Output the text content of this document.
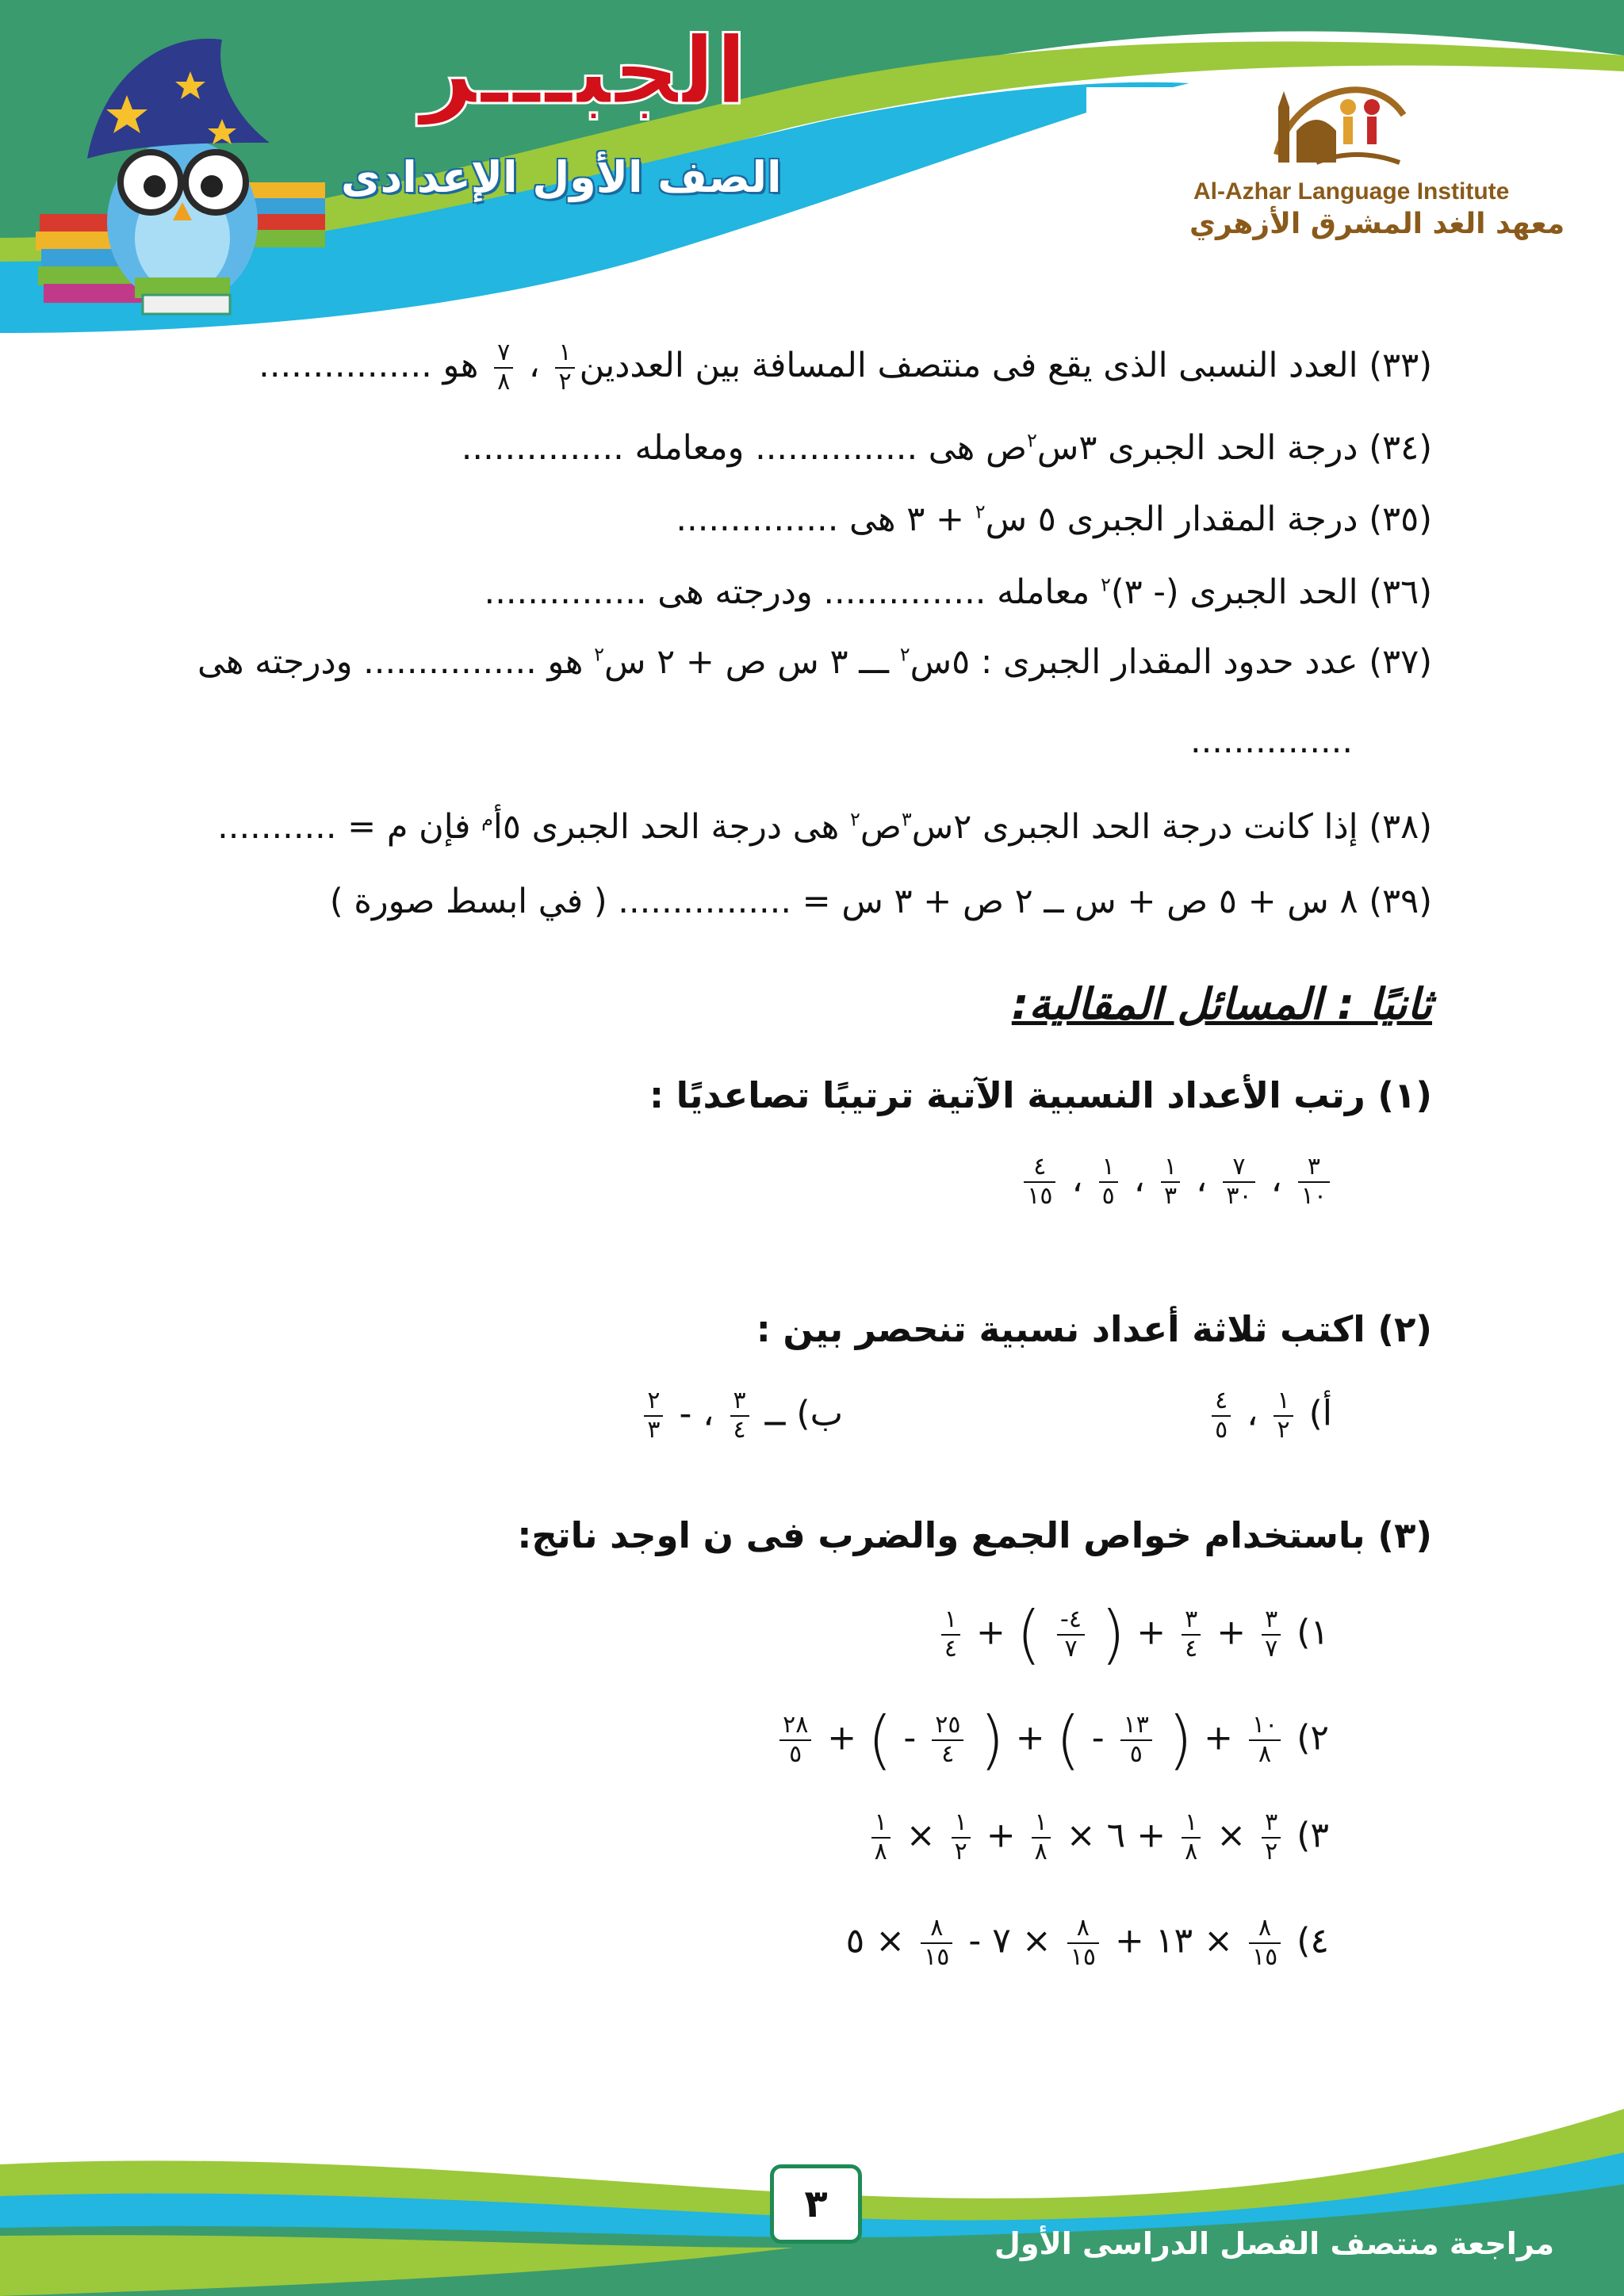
الجبـــر
الصف الأول الإعدادى	Al-Azhar Language Institute
معهد الغد المشرق الأزهري
(٣٣) العدد النسبى الذى يقع فى منتصف المسافة بين العددين
$\frac{١}{٢}$
،
$\frac{٧}{٨}$
هو ................
(٣٤) درجة الحد الجبرى ٣س$^٢$ص هى ............... ومعامله ...............
(٣٥) درجة المقدار الجبرى ٥ س$^٢$ + ٣ هى ...............
(٣٦) الحد الجبرى (- ٣)$^٢$ معامله ............... ودرجته هى ...............
(٣٧) عدد حدود المقدار الجبرى : ٥س$^٢$ ـــ ٣ س ص + ٢ س$^٢$ هو ................ ودرجته هى
...............
(٣٨) إذا كانت درجة الحد الجبرى ٢س$^٣$ص$^٢$ هى درجة الحد الجبرى ٥أ$^م$ فإن م = ...........
(٣٩) ٨ س + ٥ ص + س ــ ٢ ص + ٣ س = ................ ( في ابسط صورة )
ثانيًا : المسائل المقالية:
(١) رتب الأعداد النسبية الآتية ترتيبًا تصاعديًا :
$\frac{٣}{١٠}$
،
$\frac{٧}{٣٠}$
،
$\frac{١}{٣}$
،
$\frac{١}{٥}$
،
$\frac{٤}{١٥}$
(٢) اكتب ثلاثة أعداد نسبية تنحصر بين :
أ)
$\frac{١}{٢}$
،
$\frac{٤}{٥}$
ب) ــ
$\frac{٣}{٤}$
، -
$\frac{٢}{٣}$
(٣) باستخدام خواص الجمع والضرب فى ن اوجد ناتج:
١)
$\frac{٣}{٧}$
+
$\frac{٣}{٤}$
+ (
$\frac{٤-}{٧}$
) +
$\frac{١}{٤}$
٢)
$\frac{١٠}{٨}$
+ (
$\frac{١٣}{٥}$
- ) + (
$\frac{٢٥}{٤}$
- ) +
$\frac{٢٨}{٥}$
٣)
$\frac{٣}{٢}$
×
$\frac{١}{٨}$
+ ٦ ×
$\frac{١}{٨}$
+
$\frac{١}{٢}$
×
$\frac{١}{٨}$
٤)
$\frac{٨}{١٥}$
× ١٣ +
$\frac{٨}{١٥}$
× ٧ -
$\frac{٨}{١٥}$
× ٥
٣
مراجعة منتصف الفصل الدراسى الأول
